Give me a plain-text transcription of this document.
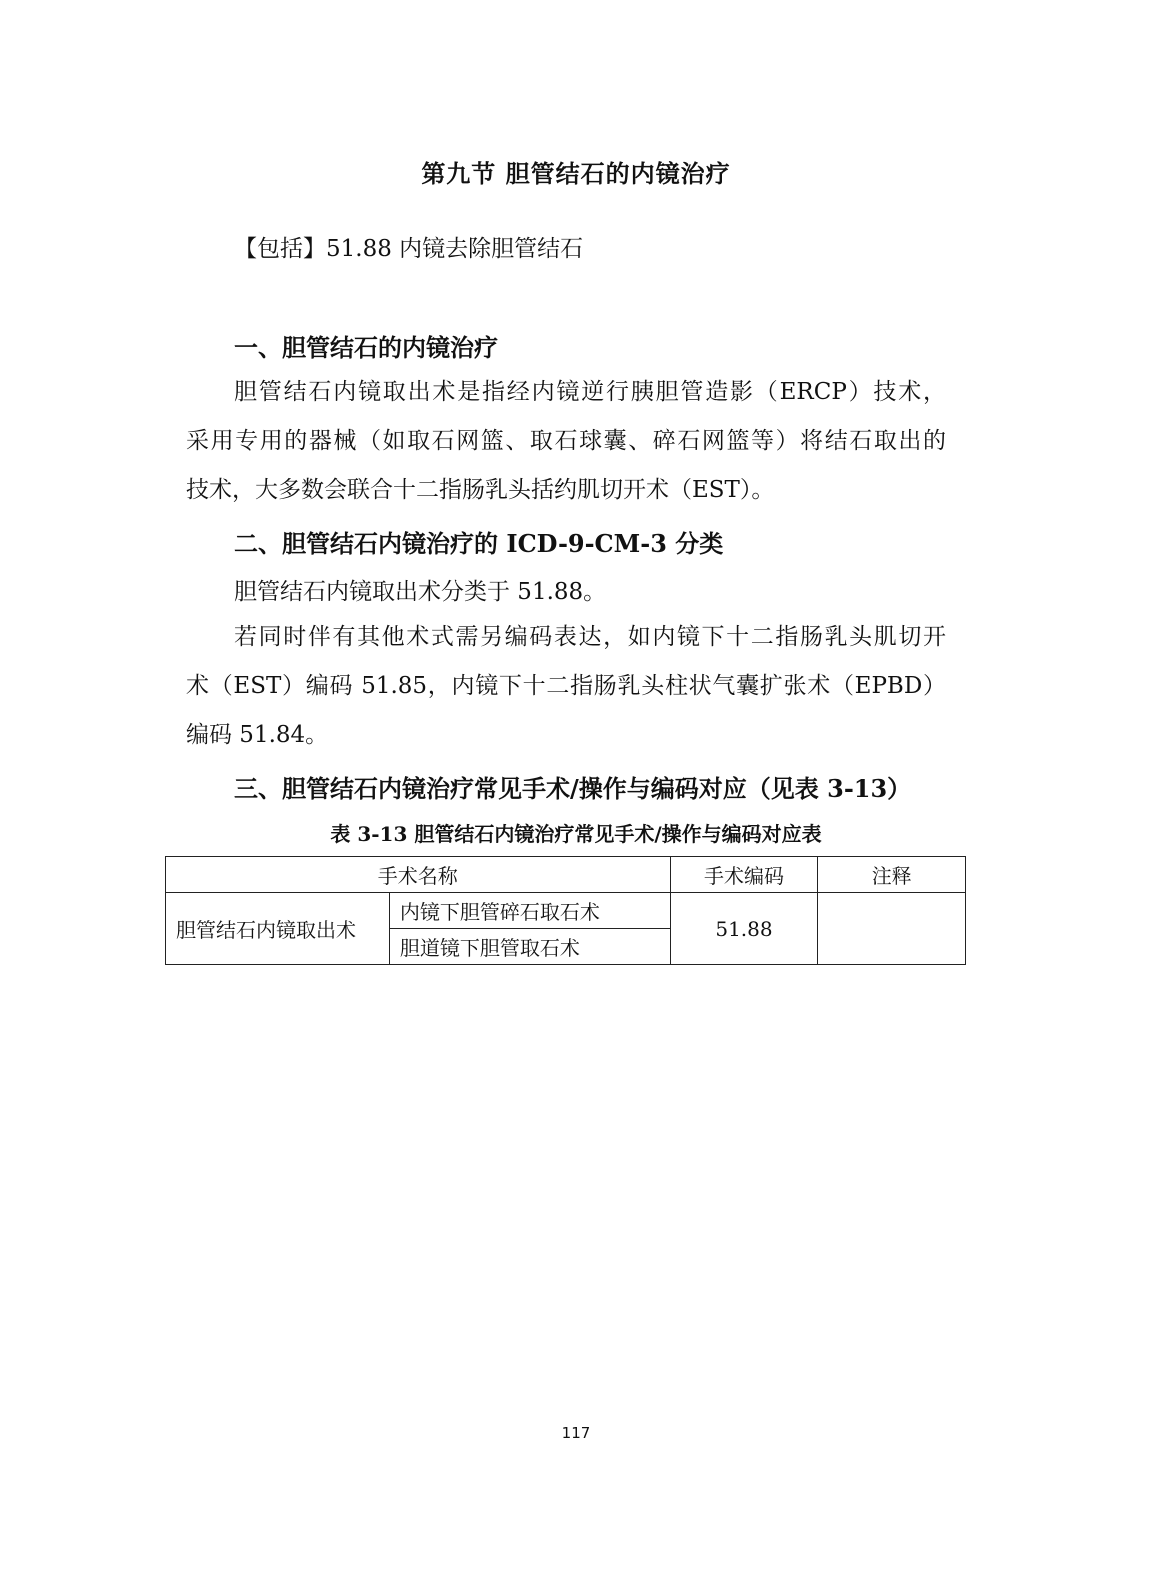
第九节 胆管结石的内镜治疗
【包括】51.88 内镜去除胆管结石
一、胆管结石的内镜治疗
胆管结石内镜取出术是指经内镜逆行胰胆管造影（ERCP）技术，
采用专用的器械（如取石网篮、取石球囊、碎石网篮等）将结石取出的
技术，大多数会联合十二指肠乳头括约肌切开术（EST）。
二、胆管结石内镜治疗的 ICD-9-CM-3 分类
胆管结石内镜取出术分类于 51.88。
若同时伴有其他术式需另编码表达，如内镜下十二指肠乳头肌切开
术（EST）编码 51.85，内镜下十二指肠乳头柱状气囊扩张术（EPBD）
编码 51.84。
三、胆管结石内镜治疗常见手术/操作与编码对应（见表 3-13）
表 3-13 胆管结石内镜治疗常见手术/操作与编码对应表
手术名称		手术编码	注释
胆管结石内镜取出术	内镜下胆管碎石取石术	51.88	
	胆道镜下胆管取石术		
117
